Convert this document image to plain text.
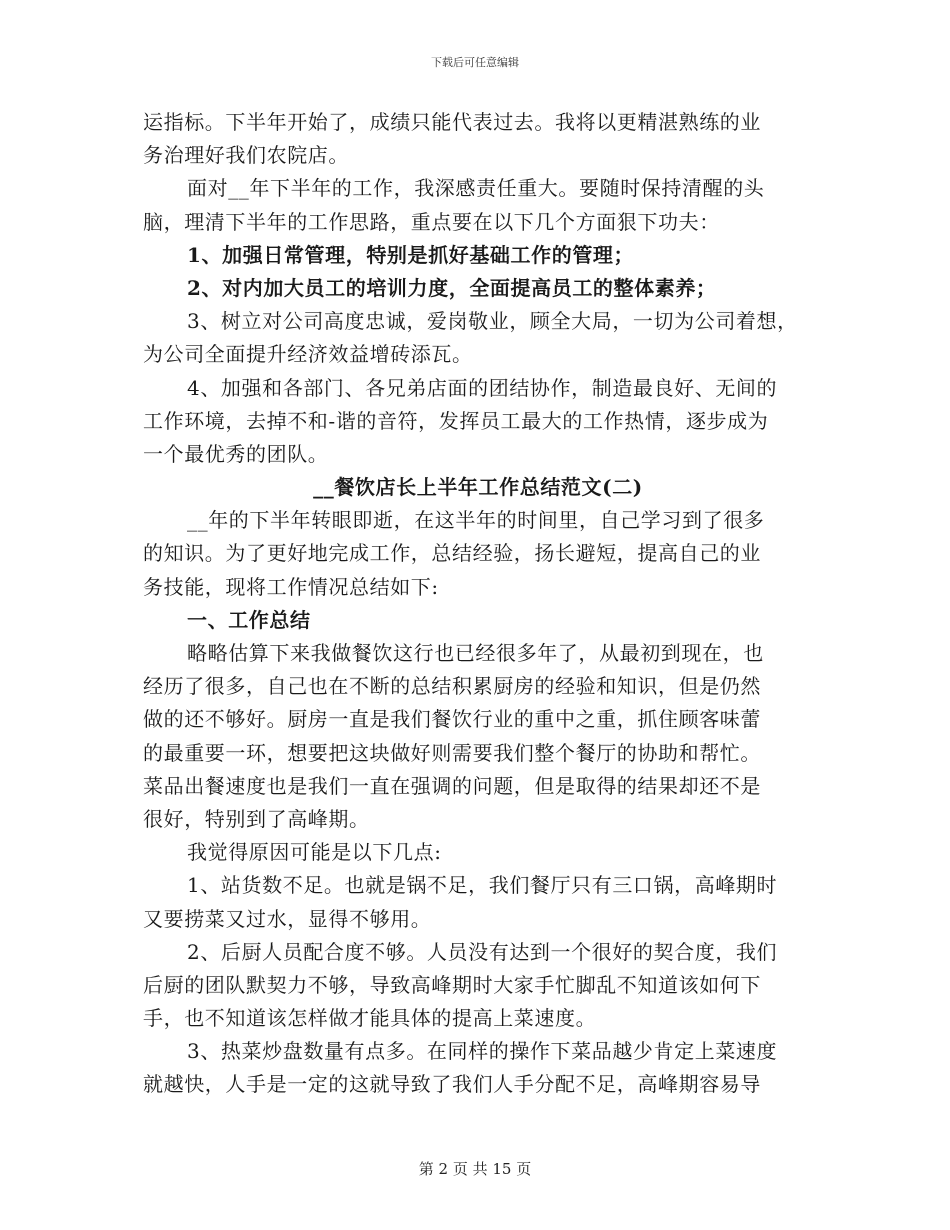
下载后可任意编辑
运指标。下半年开始了，成绩只能代表过去。我将以更精湛熟练的业
务治理好我们农院店。
面对__年下半年的工作，我深感责任重大。要随时保持清醒的头
脑，理清下半年的工作思路，重点要在以下几个方面狠下功夫：
1、加强日常管理，特别是抓好基础工作的管理；
2、对内加大员工的培训力度，全面提高员工的整体素养；
3、树立对公司高度忠诚，爱岗敬业，顾全大局，一切为公司着想，
为公司全面提升经济效益增砖添瓦。
4、加强和各部门、各兄弟店面的团结协作，制造最良好、无间的
工作环境，去掉不和-谐的音符，发挥员工最大的工作热情，逐步成为
一个最优秀的团队。
__餐饮店长上半年工作总结范文(二)
__年的下半年转眼即逝，在这半年的时间里，自己学习到了很多
的知识。为了更好地完成工作，总结经验，扬长避短，提高自己的业
务技能，现将工作情况总结如下:
一、工作总结
略略估算下来我做餐饮这行也已经很多年了，从最初到现在，也
经历了很多，自己也在不断的总结积累厨房的经验和知识，但是仍然
做的还不够好。厨房一直是我们餐饮行业的重中之重，抓住顾客味蕾
的最重要一环，想要把这块做好则需要我们整个餐厅的协助和帮忙。
菜品出餐速度也是我们一直在强调的问题，但是取得的结果却还不是
很好，特别到了高峰期。
我觉得原因可能是以下几点:
1、站货数不足。也就是锅不足，我们餐厅只有三口锅，高峰期时
又要捞菜又过水，显得不够用。
2、后厨人员配合度不够。人员没有达到一个很好的契合度，我们
后厨的团队默契力不够，导致高峰期时大家手忙脚乱不知道该如何下
手，也不知道该怎样做才能具体的提高上菜速度。
3、热菜炒盘数量有点多。在同样的操作下菜品越少肯定上菜速度
就越快，人手是一定的这就导致了我们人手分配不足，高峰期容易导
第 2 页 共 15 页
